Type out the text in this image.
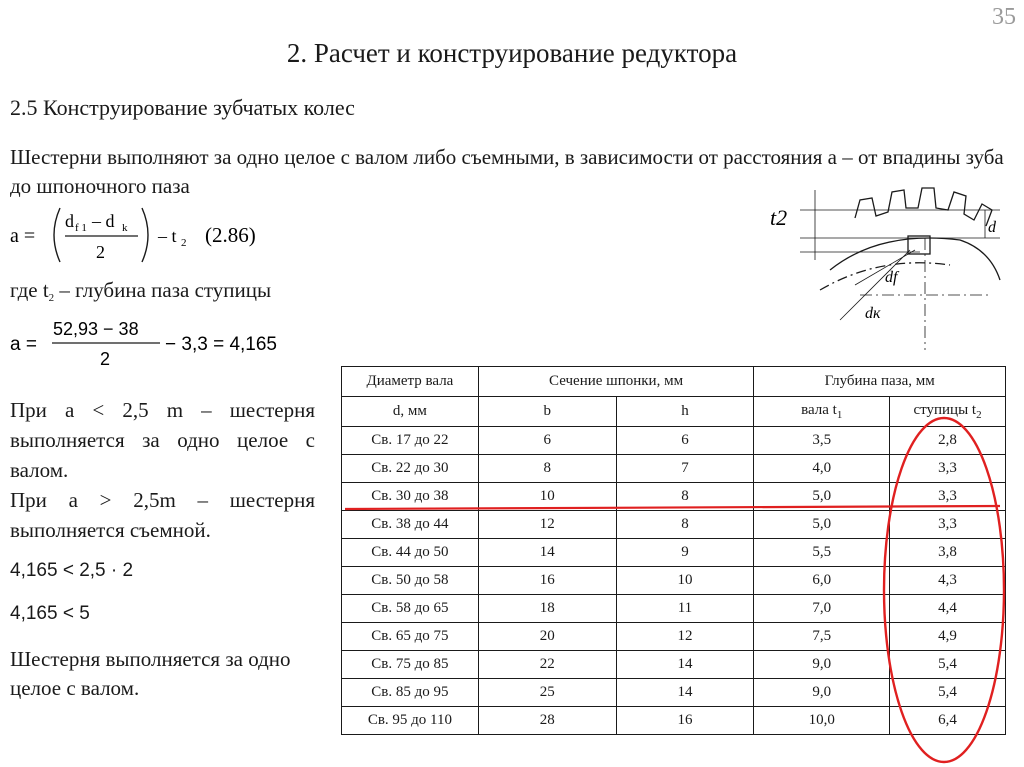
35
2. Расчет и конструирование редуктора
2.5 Конструирование зубчатых колес
Шестерни выполняют за одно целое с валом либо съемными, в зависимости от расстояния а – от впадины зуба до шпоночного паза
a =
d f 1 – d k
2
– t 2 (2.86)
где $t_2$ – глубина паза ступицы
a =
52,93 − 38
2
− 3,3 = 4,165
При a < 2,5 m – шестерня выполняется за одно целое с валом.
При a > 2,5m – шестерня выполняется съемной.
4,165 < 2,5 · 2
4,165 < 5
Шестерня выполняется за одно целое с валом.
t2	d
df
dк
Диаметр вала	Сечение шпонки, мм		Глубина паза, мм	
d, мм	b	h	вала $t_1$	ступицы $t_2$
Св. 17 до 22	6	6	3,5	2,8
Св. 22 до 30	8	7	4,0	3,3
Св. 30 до 38	10	8	5,0	3,3
Св. 38 до 44	12	8	5,0	3,3
Св. 44 до 50	14	9	5,5	3,8
Св. 50 до 58	16	10	6,0	4,3
Св. 58 до 65	18	11	7,0	4,4
Св. 65 до 75	20	12	7,5	4,9
Св. 75 до 85	22	14	9,0	5,4
Св. 85 до 95	25	14	9,0	5,4
Св. 95 до 110	28	16	10,0	6,4
